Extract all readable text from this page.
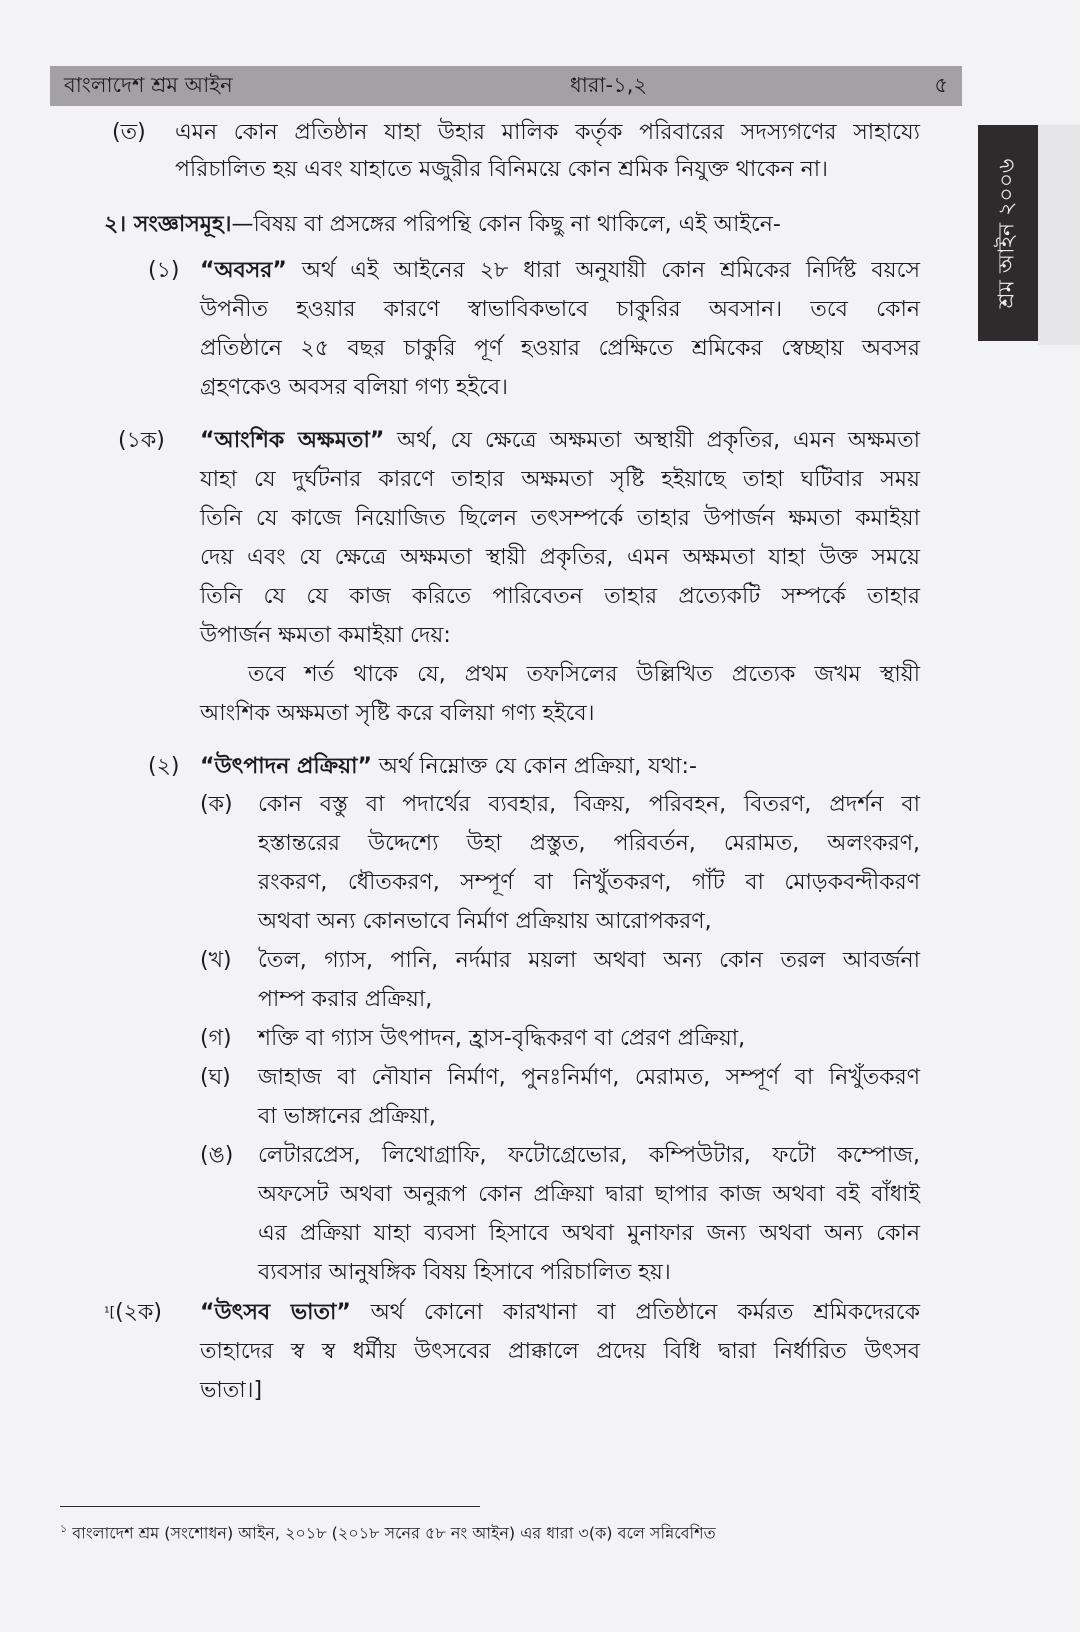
বাংলাদেশ শ্রম আইন	ধারা-১,২	৫
শ্রম আইন ২০০৬
(ত) এমন কোন প্রতিষ্ঠান যাহা উহার মালিক কর্তৃক পরিবারের সদস্যগণের সাহায্যে
পরিচালিত হয় এবং যাহাতে মজুরীর বিনিময়ে কোন শ্রমিক নিযুক্ত থাকেন না।
২। সংজ্ঞাসমূহ।—বিষয় বা প্রসঙ্গের পরিপন্থি কোন কিছু না থাকিলে, এই আইনে-
(১) “অবসর” অর্থ এই আইনের ২৮ ধারা অনুযায়ী কোন শ্রমিকের নির্দিষ্ট বয়সে
উপনীত হওয়ার কারণে স্বাভাবিকভাবে চাকুরির অবসান। তবে কোন
প্রতিষ্ঠানে ২৫ বছর চাকুরি পূর্ণ হওয়ার প্রেক্ষিতে শ্রমিকের স্বেচ্ছায় অবসর
গ্রহণকেও অবসর বলিয়া গণ্য হইবে।
(১ক) “আংশিক অক্ষমতা” অর্থ, যে ক্ষেত্রে অক্ষমতা অস্থায়ী প্রকৃতির, এমন অক্ষমতা
যাহা যে দুর্ঘটনার কারণে তাহার অক্ষমতা সৃষ্টি হইয়াছে তাহা ঘটিবার সময়
তিনি যে কাজে নিয়োজিত ছিলেন তৎসম্পর্কে তাহার উপার্জন ক্ষমতা কমাইয়া
দেয় এবং যে ক্ষেত্রে অক্ষমতা স্থায়ী প্রকৃতির, এমন অক্ষমতা যাহা উক্ত সময়ে
তিনি যে যে কাজ করিতে পারিবেতন তাহার প্রত্যেকটি সম্পর্কে তাহার
উপার্জন ক্ষমতা কমাইয়া দেয়:
তবে শর্ত থাকে যে, প্রথম তফসিলের উল্লিখিত প্রত্যেক জখম স্থায়ী
আংশিক অক্ষমতা সৃষ্টি করে বলিয়া গণ্য হইবে।
(২) “উৎপাদন প্রক্রিয়া” অর্থ নিম্নোক্ত যে কোন প্রক্রিয়া, যথা:-
(ক) কোন বস্তু বা পদার্থের ব্যবহার, বিক্রয়, পরিবহন, বিতরণ, প্রদর্শন বা
হস্তান্তরের উদ্দেশ্যে উহা প্রস্তুত, পরিবর্তন, মেরামত, অলংকরণ,
রংকরণ, ধৌতকরণ, সম্পূর্ণ বা নিখুঁতকরণ, গাঁট বা মোড়কবন্দীকরণ
অথবা অন্য কোনভাবে নির্মাণ প্রক্রিয়ায় আরোপকরণ,
(খ) তৈল, গ্যাস, পানি, নর্দমার ময়লা অথবা অন্য কোন তরল আবর্জনা
পাম্প করার প্রক্রিয়া,
(গ) শক্তি বা গ্যাস উৎপাদন, হ্রাস-বৃদ্ধিকরণ বা প্রেরণ প্রক্রিয়া,
(ঘ) জাহাজ বা নৌযান নির্মাণ, পুনঃনির্মাণ, মেরামত, সম্পূর্ণ বা নিখুঁতকরণ
বা ভাঙ্গানের প্রক্রিয়া,
(ঙ) লেটারপ্রেস, লিথোগ্রাফি, ফটোগ্রেভোর, কম্পিউটার, ফটো কম্পোজ,
অফসেট অথবা অনুরূপ কোন প্রক্রিয়া দ্বারা ছাপার কাজ অথবা বই বাঁধাই
এর প্রক্রিয়া যাহা ব্যবসা হিসাবে অথবা মুনাফার জন্য অথবা অন্য কোন
ব্যবসার আনুষঙ্গিক বিষয় হিসাবে পরিচালিত হয়।
$^{^1[}$(২ক) “উৎসব ভাতা” অর্থ কোনো কারখানা বা প্রতিষ্ঠানে কর্মরত শ্রমিকদেরকে
তাহাদের স্ব স্ব ধর্মীয় উৎসবের প্রাক্কালে প্রদেয় বিধি দ্বারা নির্ধারিত উৎসব
ভাতা।]
$^১$ বাংলাদেশ শ্রম (সংশোধন) আইন, ২০১৮ (২০১৮ সনের ৫৮ নং আইন) এর ধারা ৩(ক) বলে সন্নিবেশিত
